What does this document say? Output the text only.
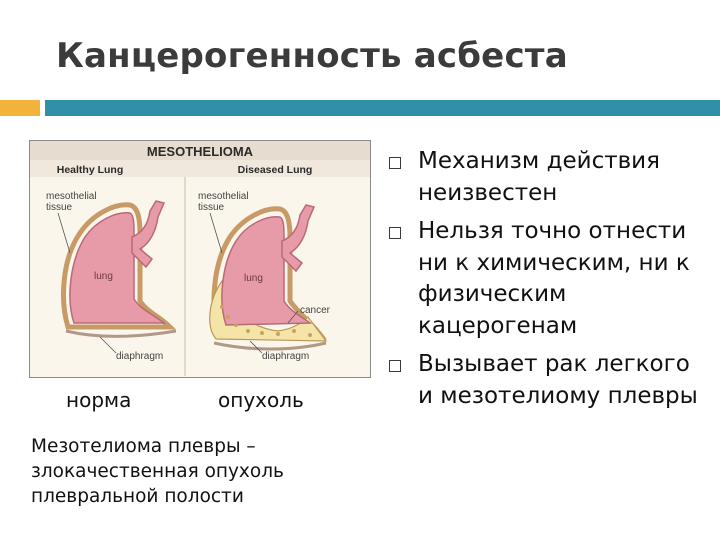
Канцерогенность асбеста
MESOTHELIOMA
Healthy Lung	Diseased Lung
mesothelial
tissue
lung
diaphragm
mesothelial
tissue
lung
cancer
diaphragm
норма	опухоль
Мезотелиома плевры – злокачественная опухоль плевральной полости
Механизм действия неизвестен
Нельзя точно отнести ни к химическим, ни к физическим кацерогенам
Вызывает рак легкого и мезотелиому плевры
